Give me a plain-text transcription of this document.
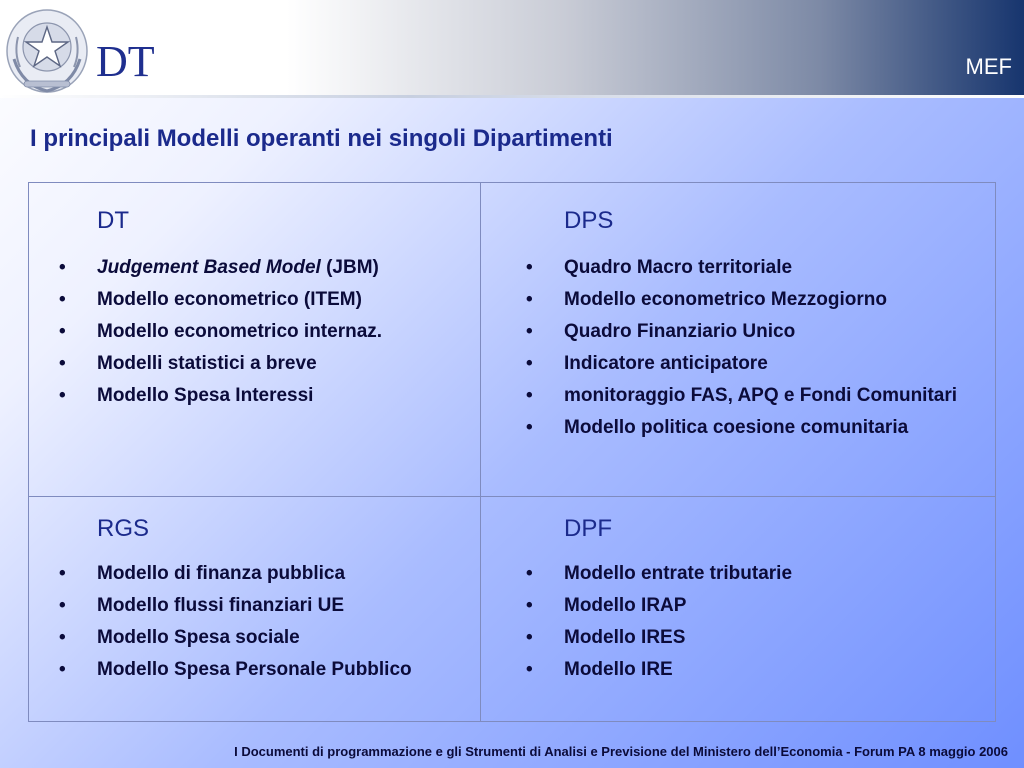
DT	MEF
I principali Modelli operanti nei singoli Dipartimenti
DT
• Judgement Based Model (JBM)
• Modello econometrico (ITEM)
• Modello econometrico internaz.
• Modelli statistici a breve
• Modello Spesa Interessi
DPS
• Quadro Macro territoriale
• Modello econometrico Mezzogiorno
• Quadro Finanziario Unico
• Indicatore anticipatore
• monitoraggio FAS, APQ e Fondi Comunitari
• Modello politica coesione comunitaria
RGS
• Modello di finanza pubblica
• Modello flussi finanziari UE
• Modello Spesa sociale
• Modello Spesa Personale Pubblico
DPF
• Modello entrate tributarie
• Modello IRAP
• Modello IRES
• Modello IRE
I Documenti di programmazione e gli Strumenti di Analisi e Previsione del Ministero dell’Economia - Forum PA 8 maggio 2006
